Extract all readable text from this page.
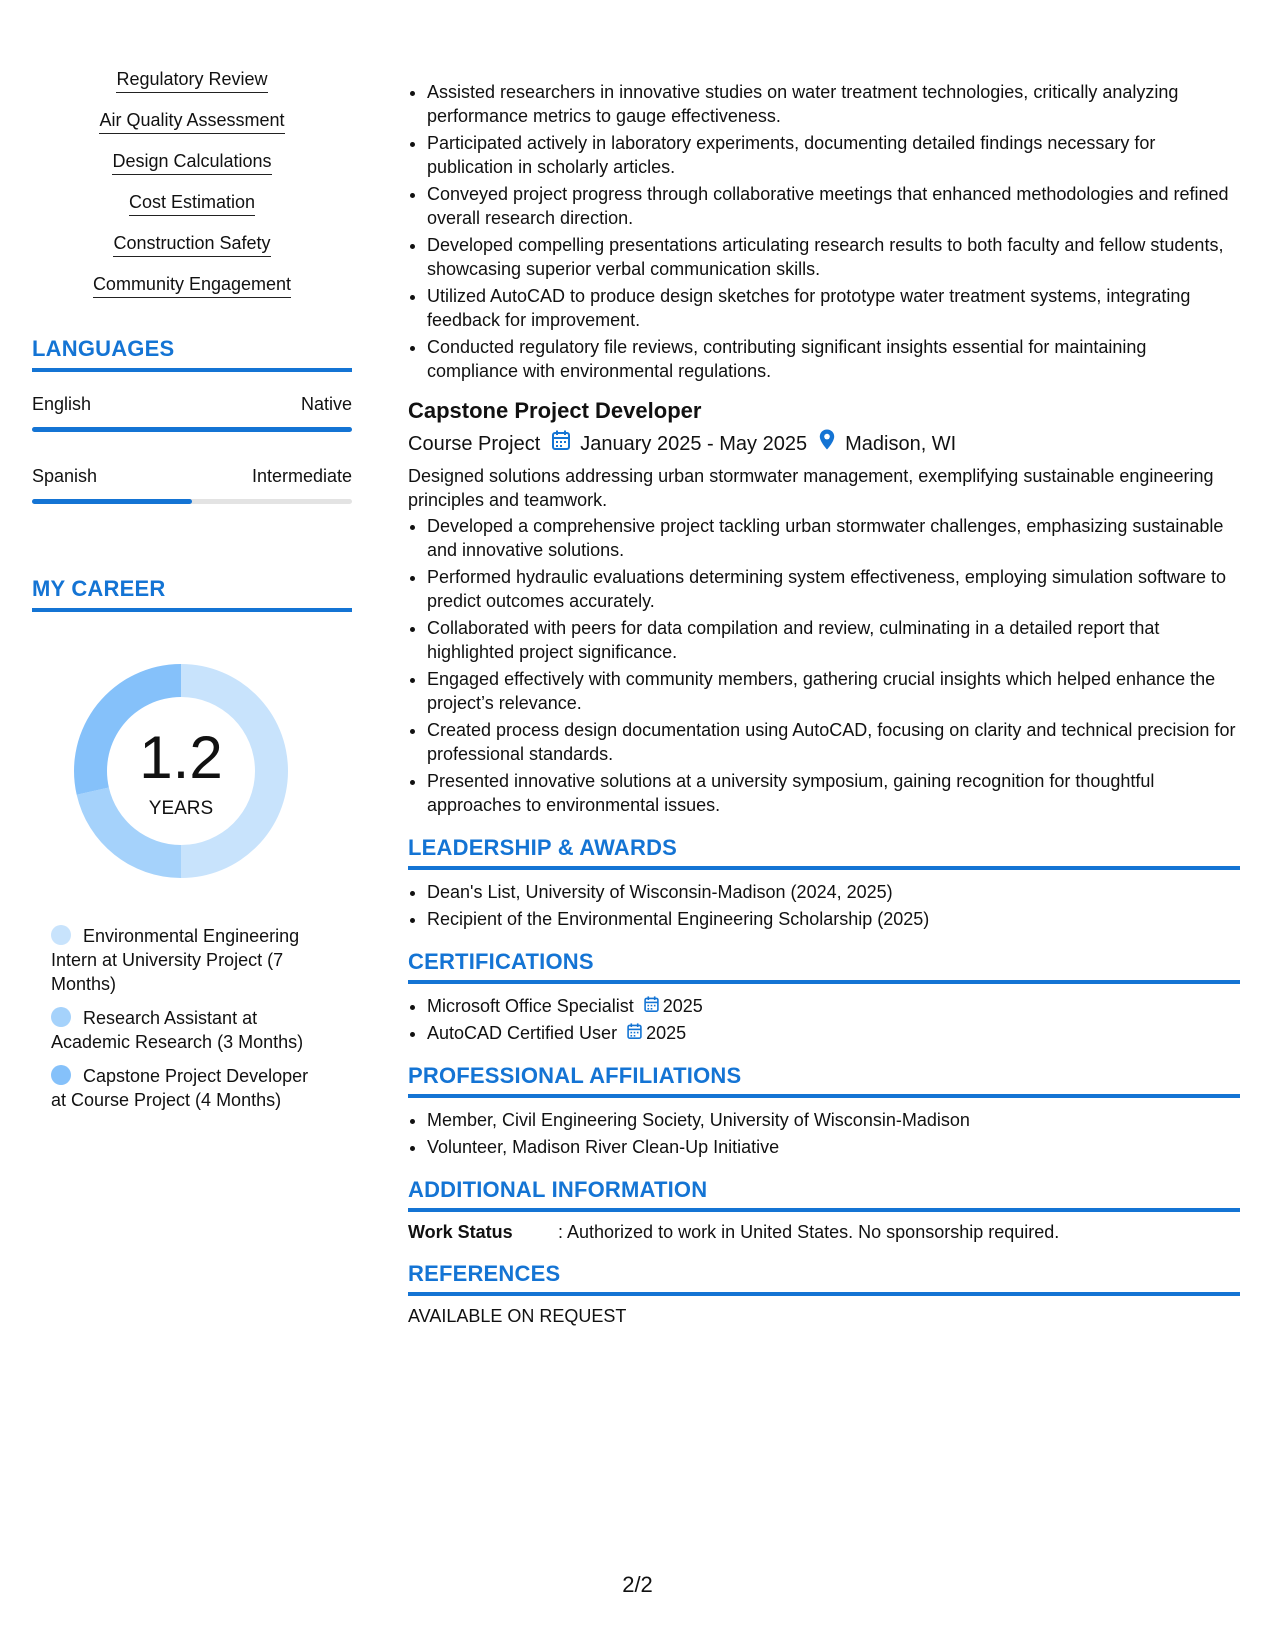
Regulatory Review
Air Quality Assessment
Design Calculations
Cost Estimation
Construction Safety
Community Engagement
LANGUAGES
English	Native
Spanish	Intermediate
MY CAREER
1.2
YEARS
Environmental Engineering Intern at University Project (7 Months)
Research Assistant at Academic Research (3 Months)
Capstone Project Developer at Course Project (4 Months)
• Assisted researchers in innovative studies on water treatment technologies, critically analyzing performance metrics to gauge effectiveness.
• Participated actively in laboratory experiments, documenting detailed findings necessary for publication in scholarly articles.
• Conveyed project progress through collaborative meetings that enhanced methodologies and refined overall research direction.
• Developed compelling presentations articulating research results to both faculty and fellow students, showcasing superior verbal communication skills.
• Utilized AutoCAD to produce design sketches for prototype water treatment systems, integrating feedback for improvement.
• Conducted regulatory file reviews, contributing significant insights essential for maintaining compliance with environmental regulations.
Capstone Project Developer
Course Project January 2025 - May 2025 Madison, WI
Designed solutions addressing urban stormwater management, exemplifying sustainable engineering principles and teamwork.
• Developed a comprehensive project tackling urban stormwater challenges, emphasizing sustainable and innovative solutions.
• Performed hydraulic evaluations determining system effectiveness, employing simulation software to predict outcomes accurately.
• Collaborated with peers for data compilation and review, culminating in a detailed report that highlighted project significance.
• Engaged effectively with community members, gathering crucial insights which helped enhance the project’s relevance.
• Created process design documentation using AutoCAD, focusing on clarity and technical precision for professional standards.
• Presented innovative solutions at a university symposium, gaining recognition for thoughtful approaches to environmental issues.
LEADERSHIP & AWARDS
• Dean's List, University of Wisconsin-Madison (2024, 2025)
• Recipient of the Environmental Engineering Scholarship (2025)
CERTIFICATIONS
• Microsoft Office Specialist 2025
• AutoCAD Certified User 2025
PROFESSIONAL AFFILIATIONS
• Member, Civil Engineering Society, University of Wisconsin-Madison
• Volunteer, Madison River Clean-Up Initiative
ADDITIONAL INFORMATION
Work Status	: Authorized to work in United States. No sponsorship required.
REFERENCES
AVAILABLE ON REQUEST
2/2
